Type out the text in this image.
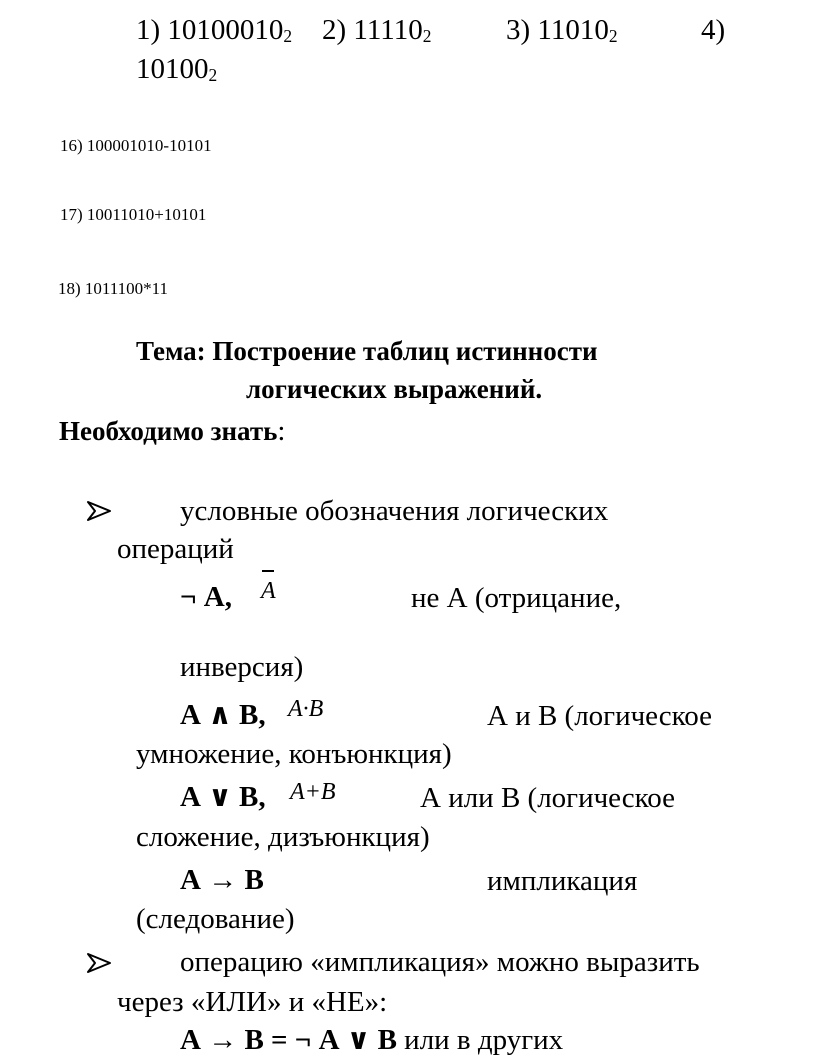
1) $10100010_2$ 2) $11110_2$	3) $11010_2$	4)
$10100_2$
16) 100001010-10101
17) 10011010+10101
18) 1011100*11
Тема: Построение таблиц истинности
логических выражений.
Необходимо знать:
условные обозначения логических
операций
¬ А, A	не А (отрицание,
инверсия)
А ∧ В, A·B	А и В (логическое
умножение, конъюнкция)
А ∨ В, A+B	А или В (логическое
сложение, дизъюнкция)
А → В	импликация
(следование)
операцию «импликация» можно выразить
через «ИЛИ» и «НЕ»:
А → В = ¬ А ∨ В или в других
